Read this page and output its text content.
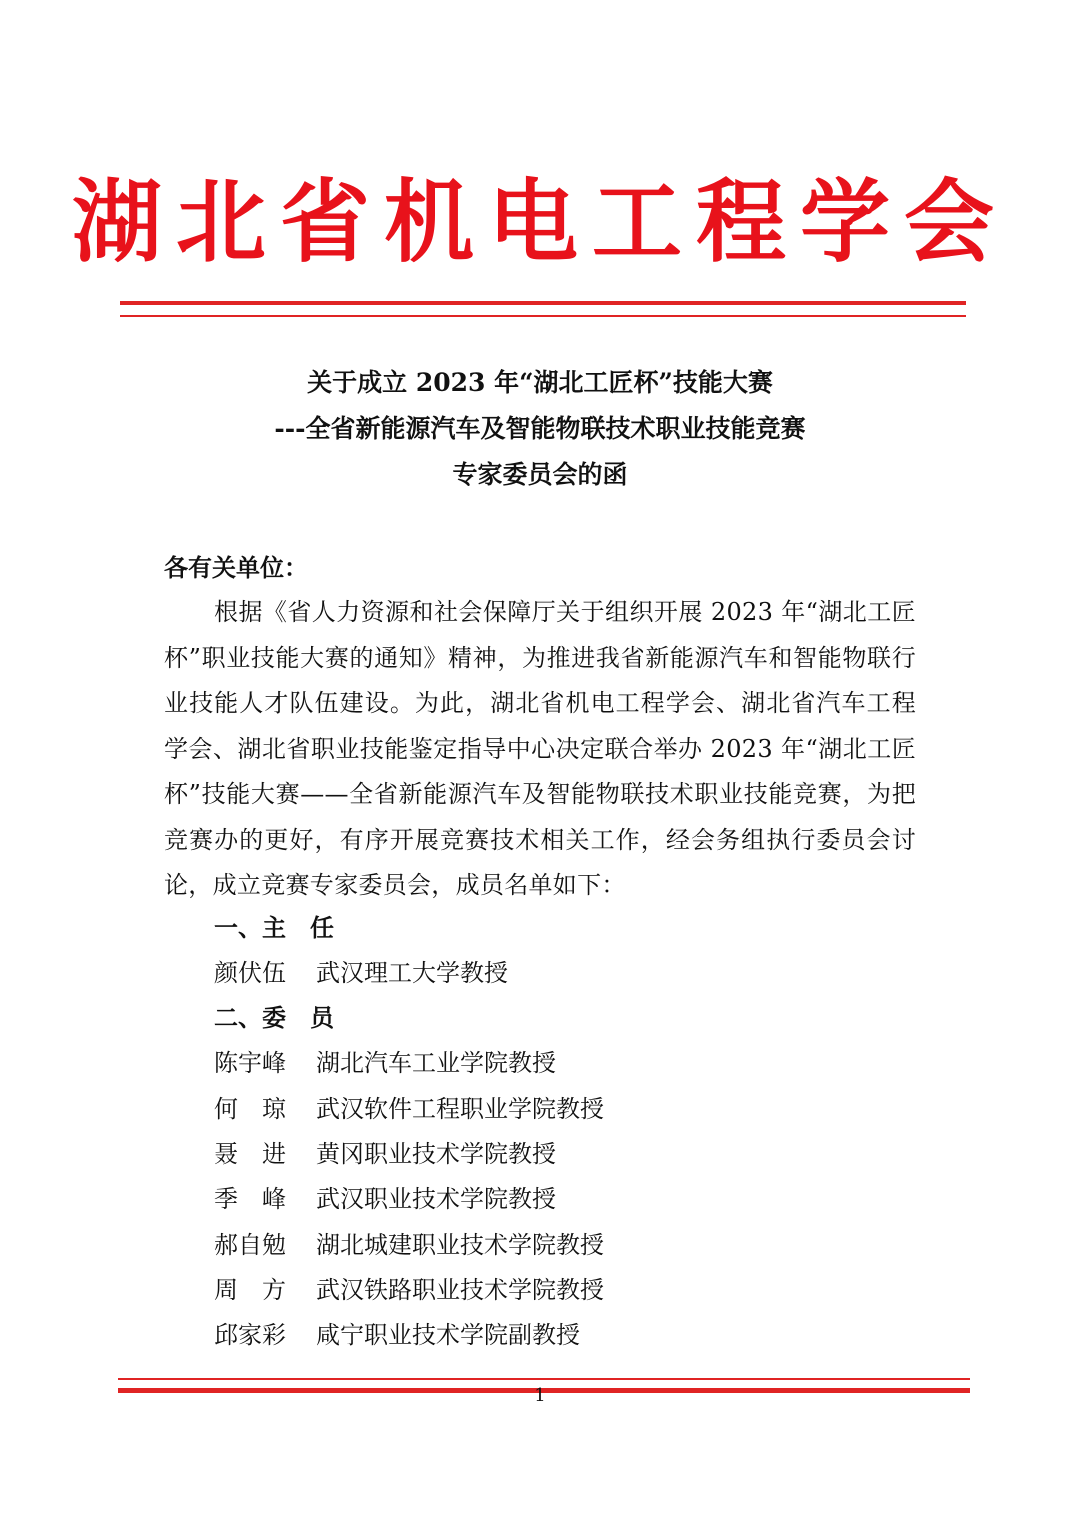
湖北省机电工程学会
关于成立 2023 年“湖北工匠杯”技能大赛
---全省新能源汽车及智能物联技术职业技能竞赛
专家委员会的函
各有关单位：
根据《省人力资源和社会保障厅关于组织开展 2023 年“湖北工匠杯”职业技能大赛的通知》精神，为推进我省新能源汽车和智能物联行业技能人才队伍建设。为此，湖北省机电工程学会、湖北省汽车工程学会、湖北省职业技能鉴定指导中心决定联合举办 2023 年“湖北工匠杯”技能大赛——全省新能源汽车及智能物联技术职业技能竞赛，为把竞赛办的更好，有序开展竞赛技术相关工作，经会务组执行委员会讨论，成立竞赛专家委员会，成员名单如下：
一、主　任
颜伏伍 武汉理工大学教授
二、委　员
陈宇峰 湖北汽车工业学院教授
何　琼 武汉软件工程职业学院教授
聂　进 黄冈职业技术学院教授
季　峰 武汉职业技术学院教授
郝自勉 湖北城建职业技术学院教授
周　方 武汉铁路职业技术学院教授
邱家彩 咸宁职业技术学院副教授
1
